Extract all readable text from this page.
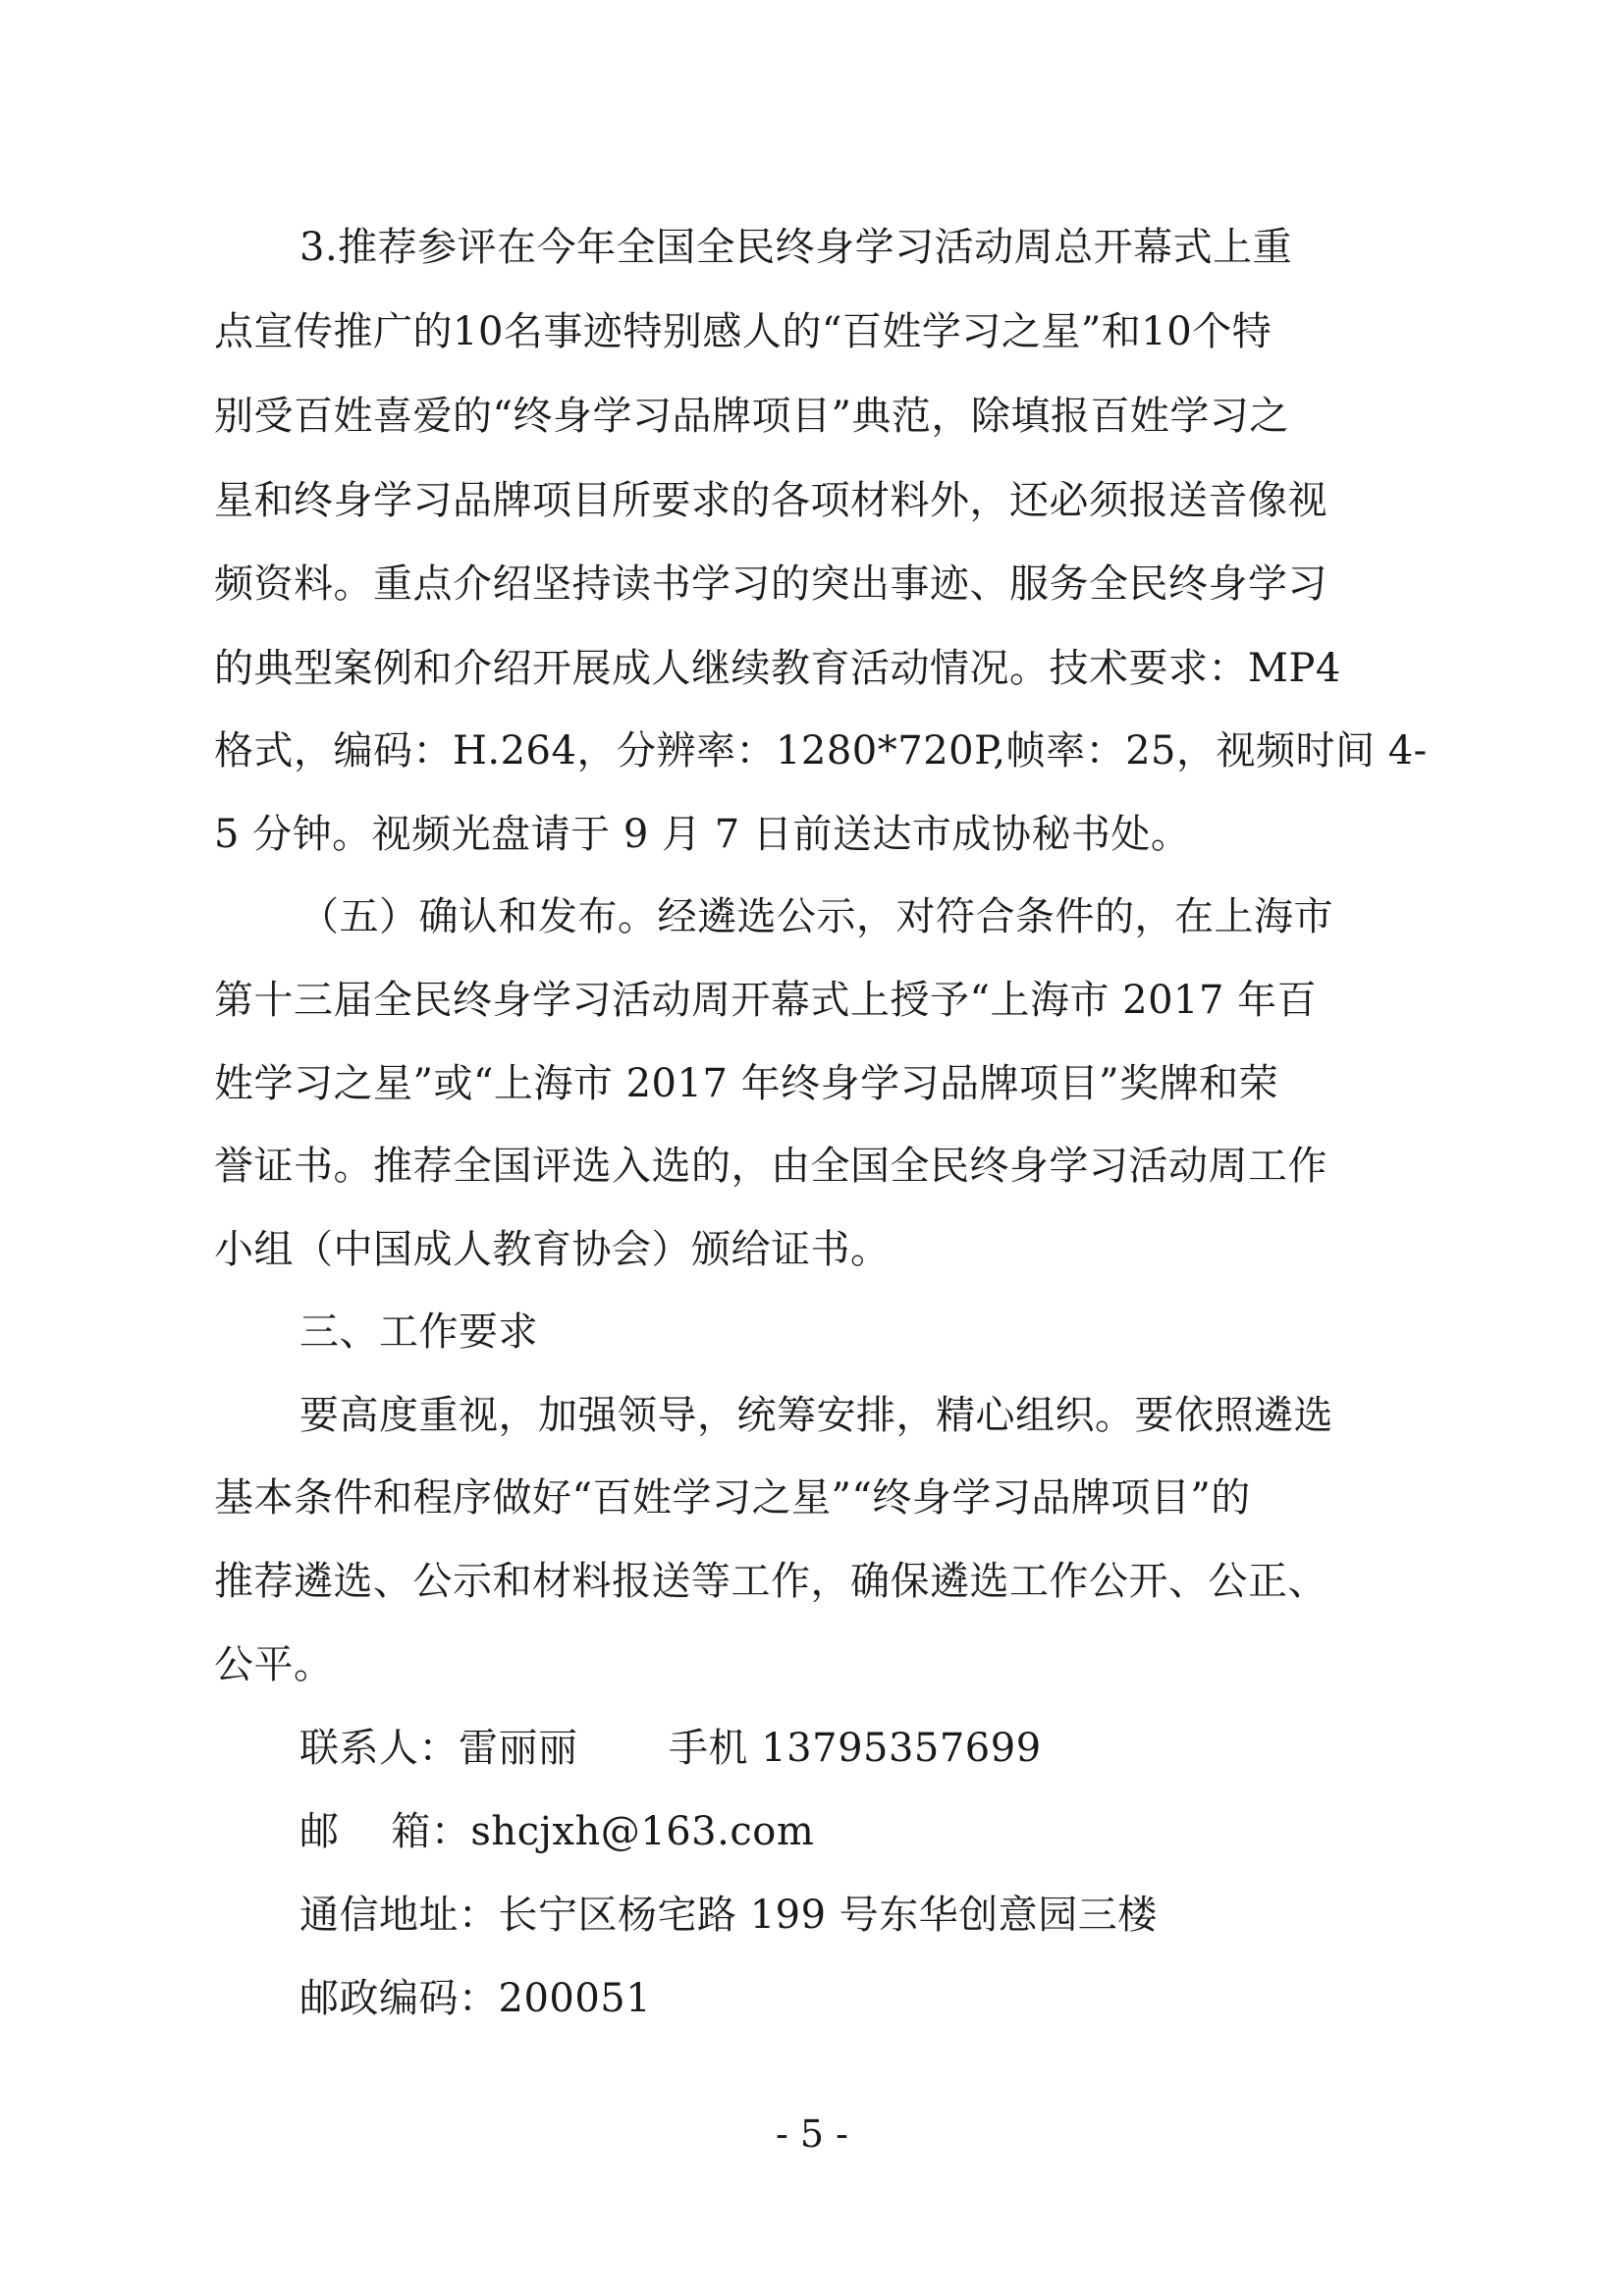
3.推荐参评在今年全国全民终身学习活动周总开幕式上重
点宣传推广的10名事迹特别感人的“百姓学习之星”和10个特
别受百姓喜爱的“终身学习品牌项目”典范，除填报百姓学习之
星和终身学习品牌项目所要求的各项材料外，还必须报送音像视
频资料。重点介绍坚持读书学习的突出事迹、服务全民终身学习
的典型案例和介绍开展成人继续教育活动情况。技术要求：MP4
格式，编码：H.264，分辨率：1280*720P,帧率：25，视频时间 4-
5 分钟。视频光盘请于 9 月 7 日前送达市成协秘书处。
（五）确认和发布。经遴选公示，对符合条件的，在上海市
第十三届全民终身学习活动周开幕式上授予“上海市 2017 年百
姓学习之星”或“上海市 2017 年终身学习品牌项目”奖牌和荣
誉证书。推荐全国评选入选的，由全国全民终身学习活动周工作
小组（中国成人教育协会）颁给证书。
三、工作要求
要高度重视，加强领导，统筹安排，精心组织。要依照遴选
基本条件和程序做好“百姓学习之星”“终身学习品牌项目”的
推荐遴选、公示和材料报送等工作，确保遴选工作公开、公正、
公平。
联系人：雷丽丽       手机 13795357699
邮    箱：shcjxh@163.com
通信地址：长宁区杨宅路 199 号东华创意园三楼
邮政编码：200051
- 5 -
